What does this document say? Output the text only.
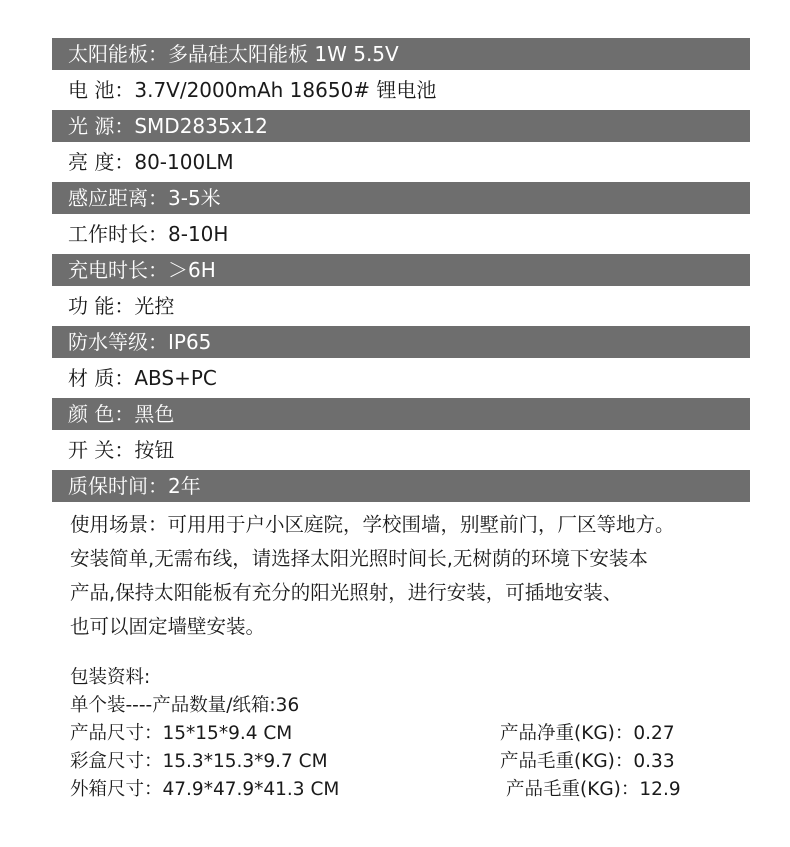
太阳能板：多晶硅太阳能板 1W 5.5V
电 池：3.7V/2000mAh 18650# 锂电池
光 源：SMD2835x12
亮 度：80-100LM
感应距离：3-5米
工作时长：8-10H
充电时长：＞6H
功 能：光控
防水等级：IP65
材 质：ABS+PC
颜 色：黑色
开 关：按钮
质保时间：2年
使用场景：可用用于户小区庭院，学校围墙，别墅前门，厂区等地方。
安装简单,无需布线，请选择太阳光照时间长,无树荫的环境下安装本
产品,保持太阳能板有充分的阳光照射，进行安装，可插地安装、
也可以固定墙壁安装。
包装资料:
单个装----产品数量/纸箱:36
产品尺寸：15*15*9.4 CM	产品净重(KG)：0.27
彩盒尺寸：15.3*15.3*9.7 CM	产品毛重(KG)：0.33
外箱尺寸：47.9*47.9*41.3 CM	产品毛重(KG)：12.9
